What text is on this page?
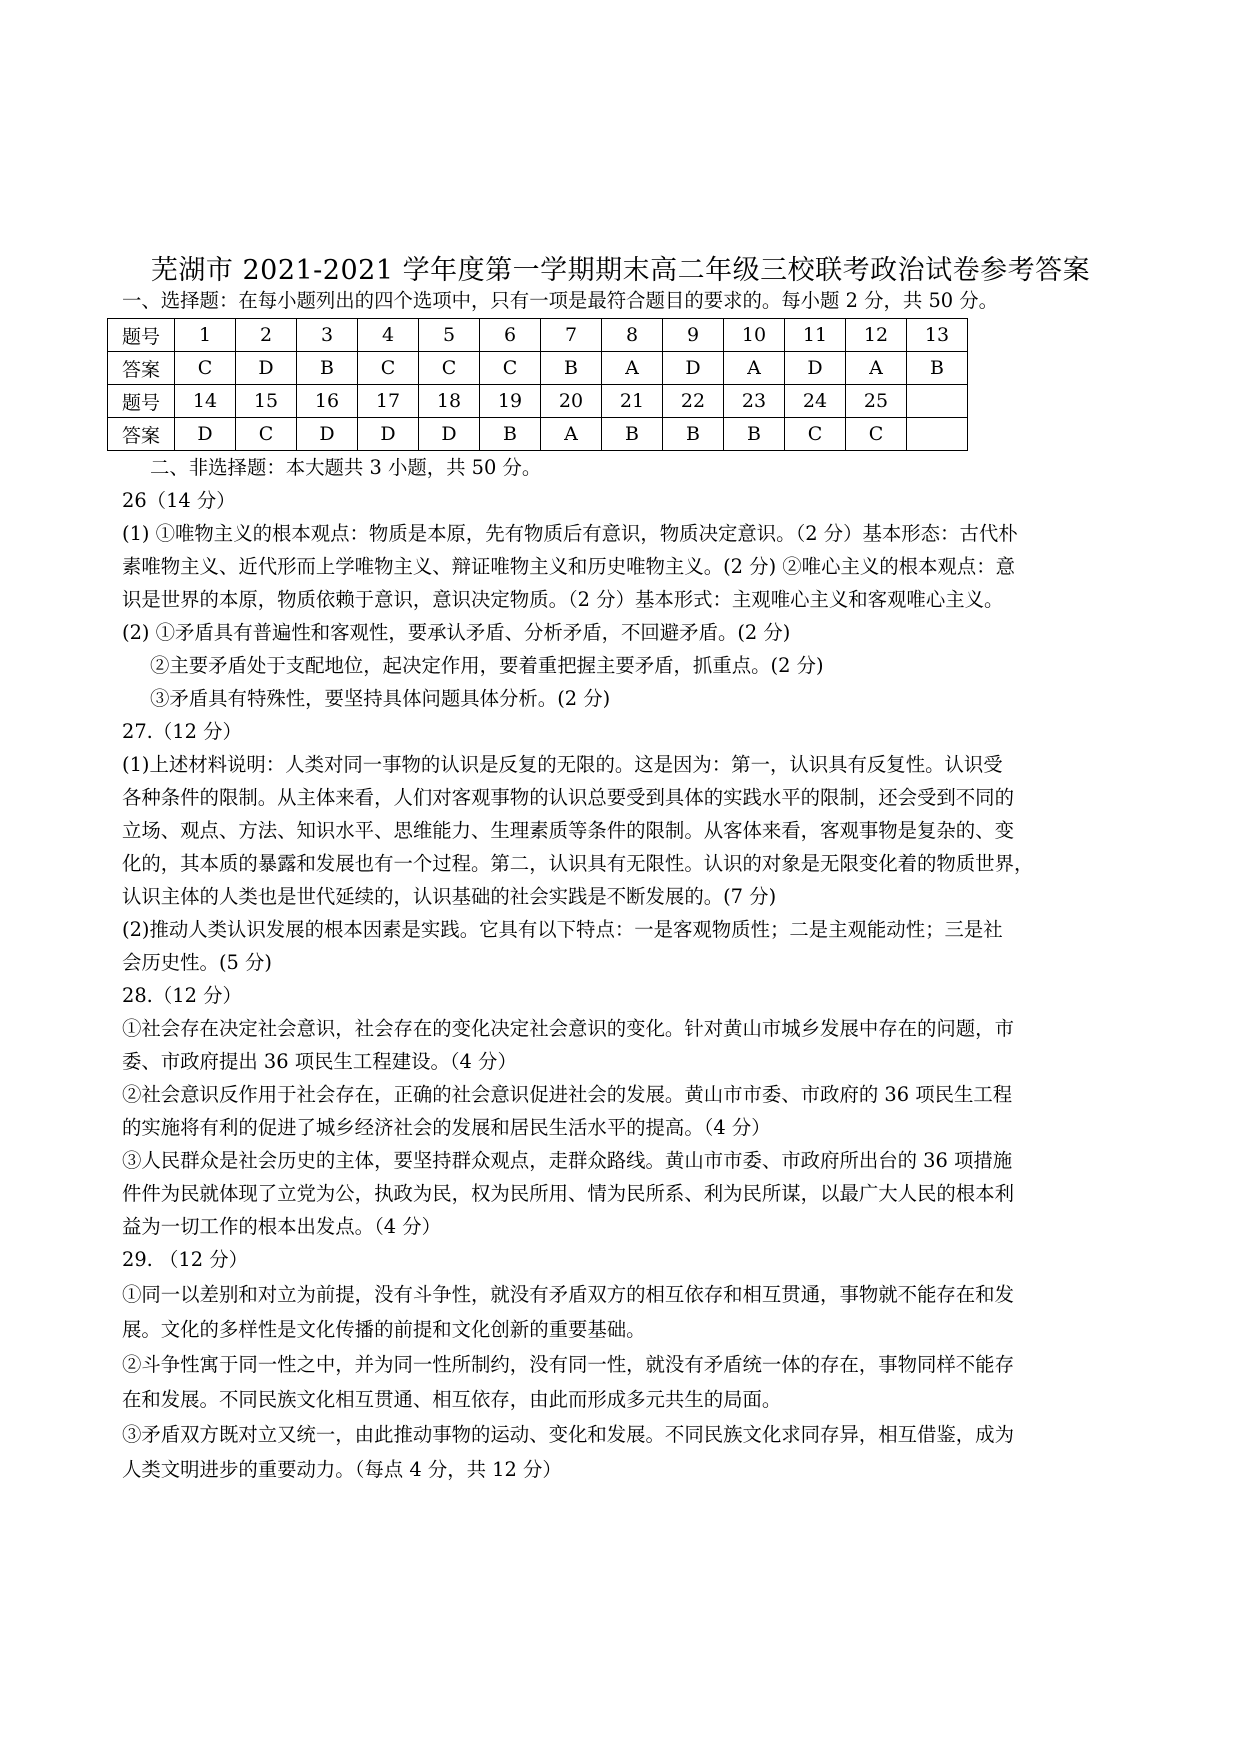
芜湖市 2021-2021 学年度第一学期期末高二年级三校联考政治试卷参考答案

一、选择题：在每小题列出的四个选项中，只有一项是最符合题目的要求的。每小题 2 分，共 50 分。

题号	1	2	3	4	5	6	7	8	9	10	11	12	13
答案	C	D	B	C	C	C	B	A	D	A	D	A	B
题号	14	15	16	17	18	19	20	21	22	23	24	25	
答案	D	C	D	D	D	B	A	B	B	B	C	C	

二、非选择题：本大题共 3 小题，共 50 分。

26（14 分）

(1) ①唯物主义的根本观点：物质是本原，先有物质后有意识，物质决定意识。（2 分）基本形态：古代朴

素唯物主义、近代形而上学唯物主义、辩证唯物主义和历史唯物主义。(2 分) ②唯心主义的根本观点：意

识是世界的本原，物质依赖于意识，意识决定物质。（2 分）基本形式：主观唯心主义和客观唯心主义。

(2) ①矛盾具有普遍性和客观性，要承认矛盾、分析矛盾，不回避矛盾。(2 分)

②主要矛盾处于支配地位，起决定作用，要着重把握主要矛盾，抓重点。(2 分)

③矛盾具有特殊性，要坚持具体问题具体分析。(2 分)

27.（12 分）

(1)上述材料说明：人类对同一事物的认识是反复的无限的。这是因为：第一，认识具有反复性。认识受

各种条件的限制。从主体来看，人们对客观事物的认识总要受到具体的实践水平的限制，还会受到不同的

立场、观点、方法、知识水平、思维能力、生理素质等条件的限制。从客体来看，客观事物是复杂的、变

化的，其本质的暴露和发展也有一个过程。第二，认识具有无限性。认识的对象是无限变化着的物质世界，

认识主体的人类也是世代延续的，认识基础的社会实践是不断发展的。(7 分)

(2)推动人类认识发展的根本因素是实践。它具有以下特点：一是客观物质性；二是主观能动性；三是社

会历史性。(5 分)

28.（12 分）

①社会存在决定社会意识，社会存在的变化决定社会意识的变化。针对黄山市城乡发展中存在的问题，市

委、市政府提出 36 项民生工程建设。（4 分）

②社会意识反作用于社会存在，正确的社会意识促进社会的发展。黄山市市委、市政府的 36 项民生工程

的实施将有利的促进了城乡经济社会的发展和居民生活水平的提高。（4 分）

③人民群众是社会历史的主体，要坚持群众观点，走群众路线。黄山市市委、市政府所出台的 36 项措施

件件为民就体现了立党为公，执政为民，权为民所用、情为民所系、利为民所谋，以最广大人民的根本利

益为一切工作的根本出发点。（4 分）

29. （12 分）

①同一以差别和对立为前提，没有斗争性，就没有矛盾双方的相互依存和相互贯通，事物就不能存在和发

展。文化的多样性是文化传播的前提和文化创新的重要基础。

②斗争性寓于同一性之中，并为同一性所制约，没有同一性，就没有矛盾统一体的存在，事物同样不能存

在和发展。不同民族文化相互贯通、相互依存，由此而形成多元共生的局面。

③矛盾双方既对立又统一，由此推动事物的运动、变化和发展。不同民族文化求同存异，相互借鉴，成为

人类文明进步的重要动力。（每点 4 分，共 12 分）
